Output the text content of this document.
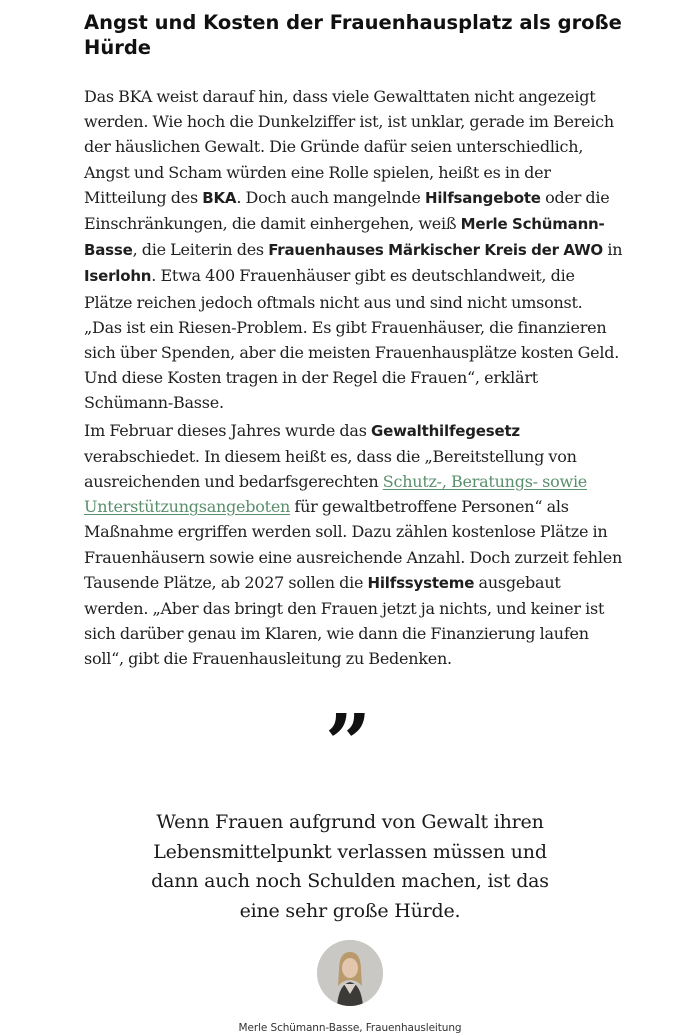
Angst und Kosten der Frauenhausplatz als große Hürde

Das BKA weist darauf hin, dass viele Gewalttaten nicht angezeigt werden. Wie hoch die Dunkelziffer ist, ist unklar, gerade im Bereich der häuslichen Gewalt. Die Gründe dafür seien unterschiedlich, Angst und Scham würden eine Rolle spielen, heißt es in der Mitteilung des BKA. Doch auch mangelnde Hilfsangebote oder die Einschränkungen, die damit einhergehen, weiß Merle Schümann-Basse, die Leiterin des Frauenhauses Märkischer Kreis der AWO in Iserlohn. Etwa 400 Frauenhäuser gibt es deutschlandweit, die Plätze reichen jedoch oftmals nicht aus und sind nicht umsonst. „Das ist ein Riesen-Problem. Es gibt Frauenhäuser, die finanzieren sich über Spenden, aber die meisten Frauenhausplätze kosten Geld. Und diese Kosten tragen in der Regel die Frauen“, erklärt Schümann-Basse.

Im Februar dieses Jahres wurde das Gewalthilfegesetz verabschiedet. In diesem heißt es, dass die „Bereitstellung von ausreichenden und bedarfsgerechten Schutz-, Beratungs- sowie Unterstützungsangeboten für gewaltbetroffene Personen“ als Maßnahme ergriffen werden soll. Dazu zählen kostenlose Plätze in Frauenhäusern sowie eine ausreichende Anzahl. Doch zurzeit fehlen Tausende Plätze, ab 2027 sollen die Hilfssysteme ausgebaut werden. „Aber das bringt den Frauen jetzt ja nichts, und keiner ist sich darüber genau im Klaren, wie dann die Finanzierung laufen soll“, gibt die Frauenhausleitung zu Bedenken.

”
Wenn Frauen aufgrund von Gewalt ihren Lebensmittelpunkt verlassen müssen und dann auch noch Schulden machen, ist das eine sehr große Hürde.
Merle Schümann-Basse, Frauenhausleitung
